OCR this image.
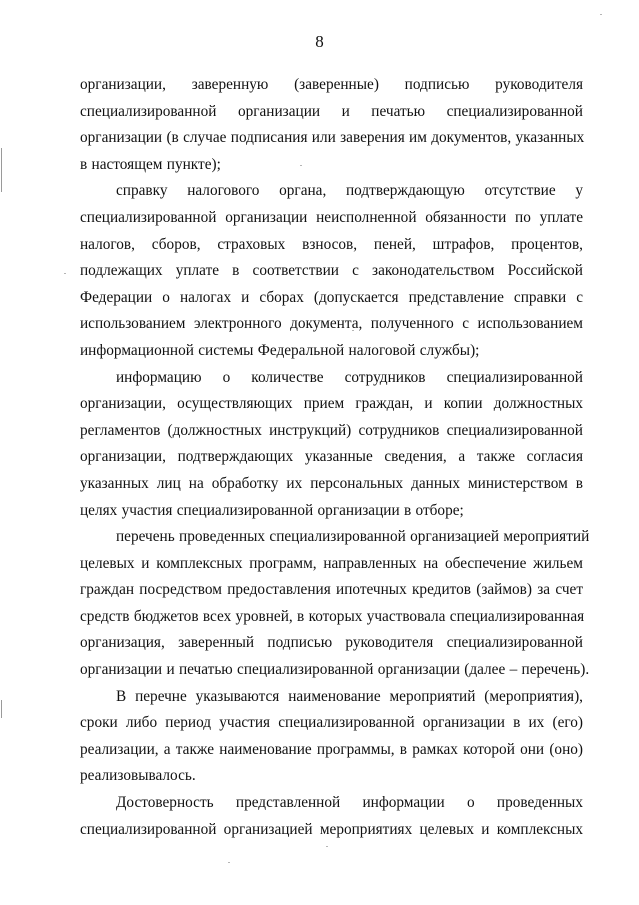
8
организации, заверенную (заверенные) подписью руководителя
специализированной организации и печатью специализированной
организации (в случае подписания или заверения им документов, указанных
в настоящем пункте);
справку налогового органа, подтверждающую отсутствие у
специализированной организации неисполненной обязанности по уплате
налогов, сборов, страховых взносов, пеней, штрафов, процентов,
подлежащих уплате в соответствии с законодательством Российской
Федерации о налогах и сборах (допускается представление справки с
использованием электронного документа, полученного с использованием
информационной системы Федеральной налоговой службы);
информацию о количестве сотрудников специализированной
организации, осуществляющих прием граждан, и копии должностных
регламентов (должностных инструкций) сотрудников специализированной
организации, подтверждающих указанные сведения, а также согласия
указанных лиц на обработку их персональных данных министерством в
целях участия специализированной организации в отборе;
перечень проведенных специализированной организацией мероприятий
целевых и комплексных программ, направленных на обеспечение жильем
граждан посредством предоставления ипотечных кредитов (займов) за счет
средств бюджетов всех уровней, в которых участвовала специализированная
организация, заверенный подписью руководителя специализированной
организации и печатью специализированной организации (далее – перечень).
В перечне указываются наименование мероприятий (мероприятия),
сроки либо период участия специализированной организации в их (его)
реализации, а также наименование программы, в рамках которой они (оно)
реализовывалось.
Достоверность представленной информации о проведенных
специализированной организацией мероприятиях целевых и комплексных
